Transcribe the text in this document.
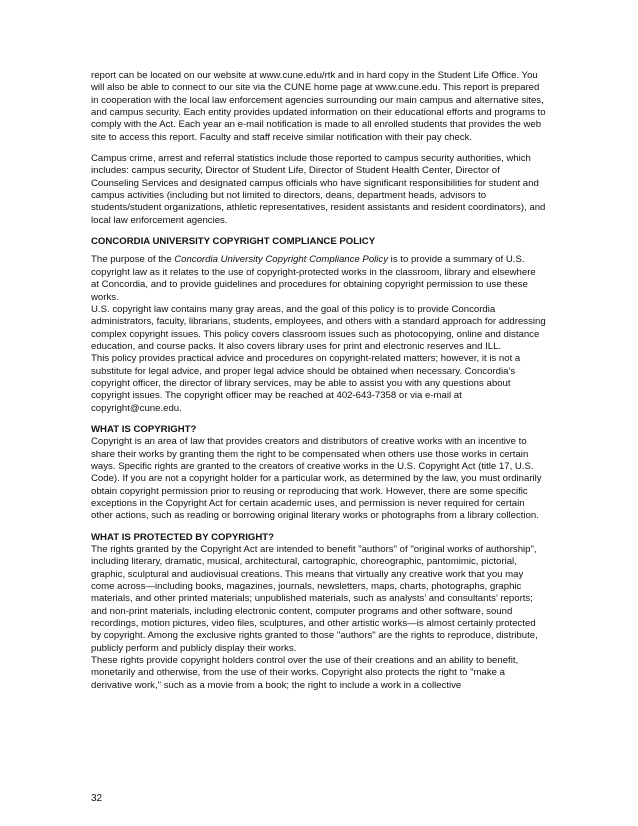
report can be located on our website at www.cune.edu/rtk and in hard copy in the Student Life Office. You will also be able to connect to our site via the CUNE home page at www.cune.edu. This report is prepared in cooperation with the local law enforcement agencies surrounding our main campus and alternative sites, and campus security. Each entity provides updated information on their educational efforts and programs to comply with the Act. Each year an e-mail notification is made to all enrolled students that provides the web site to access this report. Faculty and staff receive similar notification with their pay check.

Campus crime, arrest and referral statistics include those reported to campus security authorities, which includes: campus security, Director of Student Life, Director of Student Health Center, Director of Counseling Services and designated campus officials who have significant responsibilities for student and campus activities (including but not limited to directors, deans, department heads, advisors to students/student organizations, athletic representatives, resident assistants and resident coordinators), and local law enforcement agencies.

CONCORDIA UNIVERSITY COPYRIGHT COMPLIANCE POLICY

The purpose of the Concordia University Copyright Compliance Policy is to provide a summary of U.S. copyright law as it relates to the use of copyright-protected works in the classroom, library and elsewhere at Concordia, and to provide guidelines and procedures for obtaining copyright permission to use these works.

U.S. copyright law contains many gray areas, and the goal of this policy is to provide Concordia administrators, faculty, librarians, students, employees, and others with a standard approach for addressing complex copyright issues. This policy covers classroom issues such as photocopying, online and distance education, and course packs. It also covers library uses for print and electronic reserves and ILL.

This policy provides practical advice and procedures on copyright-related matters; however, it is not a substitute for legal advice, and proper legal advice should be obtained when necessary. Concordia’s copyright officer, the director of library services, may be able to assist you with any questions about copyright issues. The copyright officer may be reached at 402-643-7358 or via e-mail at copyright@cune.edu.

WHAT IS COPYRIGHT?

Copyright is an area of law that provides creators and distributors of creative works with an incentive to share their works by granting them the right to be compensated when others use those works in certain ways. Specific rights are granted to the creators of creative works in the U.S. Copyright Act (title 17, U.S. Code). If you are not a copyright holder for a particular work, as determined by the law, you must ordinarily obtain copyright permission prior to reusing or reproducing that work. However, there are some specific exceptions in the Copyright Act for certain academic uses, and permission is never required for certain other actions, such as reading or borrowing original literary works or photographs from a library collection.

WHAT IS PROTECTED BY COPYRIGHT?

The rights granted by the Copyright Act are intended to benefit "authors" of "original works of authorship", including literary, dramatic, musical, architectural, cartographic, choreographic, pantomimic, pictorial, graphic, sculptural and audiovisual creations. This means that virtually any creative work that you may come across—including books, magazines, journals, newsletters, maps, charts, photographs, graphic materials, and other printed materials; unpublished materials, such as analysts’ and consultants’ reports; and non-print materials, including electronic content, computer programs and other software, sound recordings, motion pictures, video files, sculptures, and other artistic works—is almost certainly protected by copyright. Among the exclusive rights granted to those "authors" are the rights to reproduce, distribute, publicly perform and publicly display their works.

These rights provide copyright holders control over the use of their creations and an ability to benefit, monetarily and otherwise, from the use of their works. Copyright also protects the right to "make a derivative work," such as a movie from a book; the right to include a work in a collective

32
